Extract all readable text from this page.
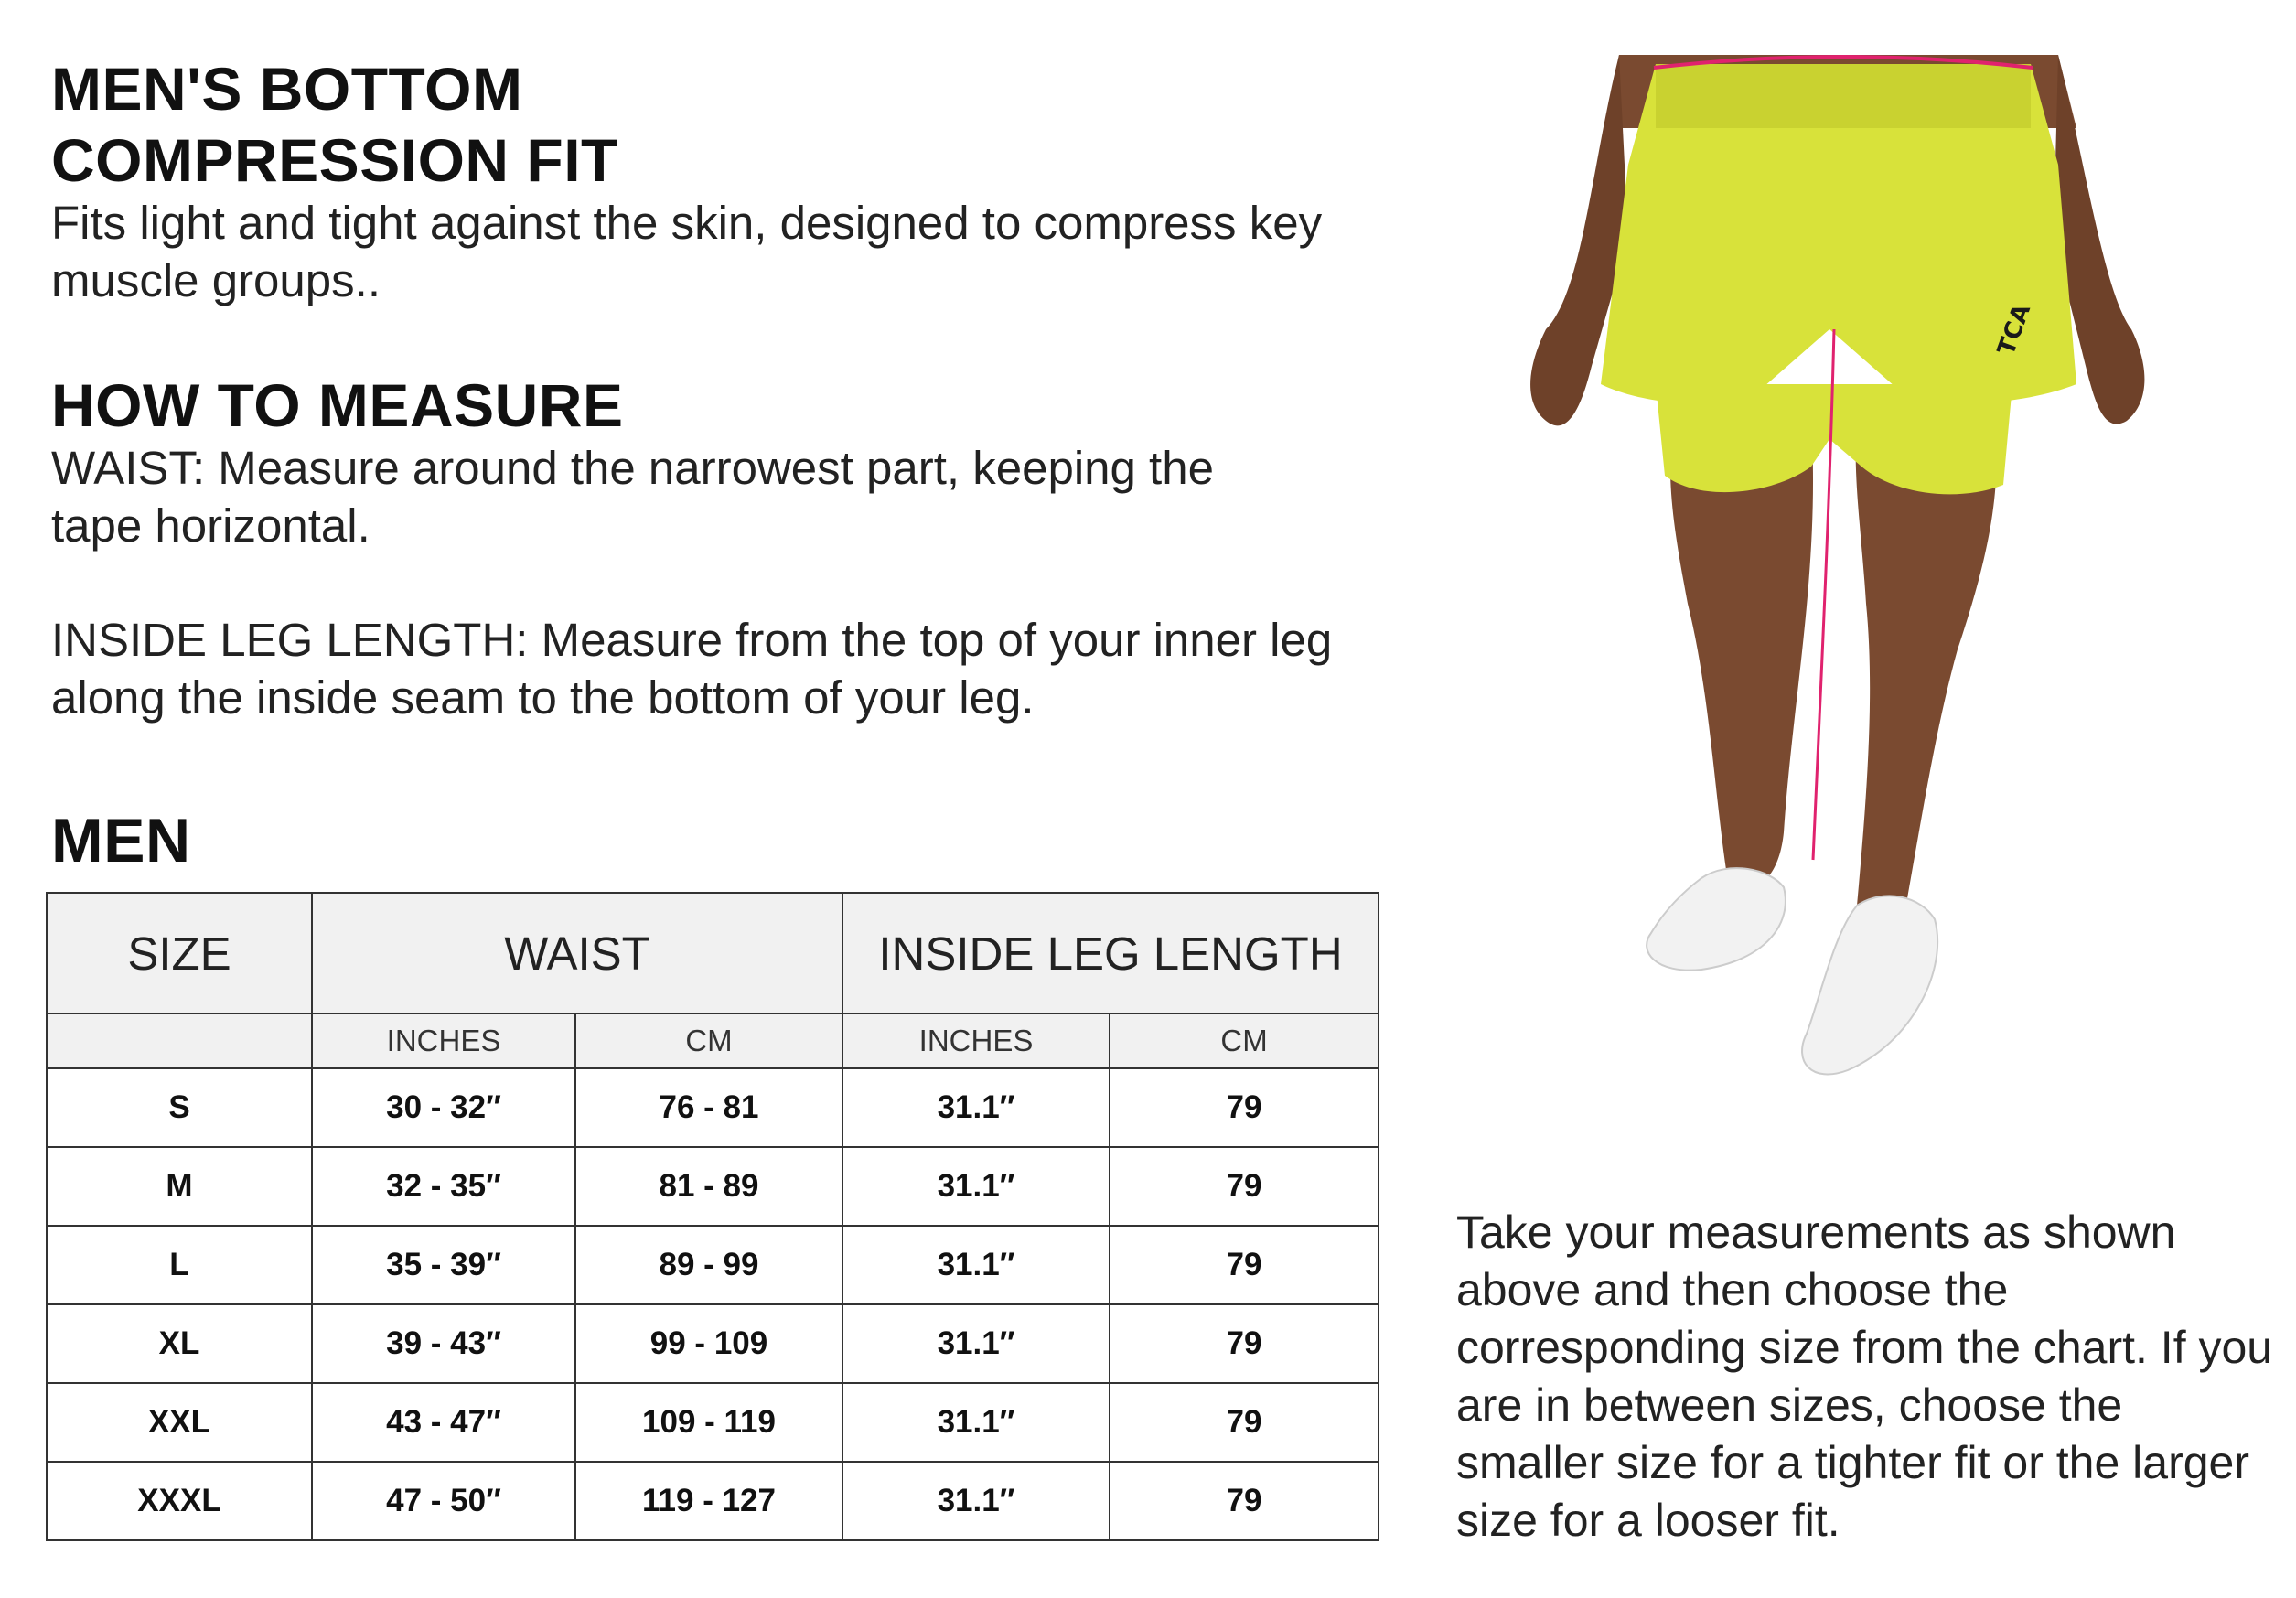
MEN'S BOTTOM
COMPRESSION FIT
Fits light and tight against the skin, designed to compress key muscle groups..
HOW TO MEASURE
WAIST: Measure around the narrowest part, keeping the tape horizontal.
INSIDE LEG LENGTH: Measure from the top of your inner leg along the inside seam to the bottom of your leg.
MEN
SIZE	WAIST		INSIDE LEG LENGTH	
	INCHES	CM	INCHES	CM
S	30 - 32″	76 - 81	31.1″	79
M	32 - 35″	81 - 89	31.1″	79
L	35 - 39″	89 - 99	31.1″	79
XL	39 - 43″	99 - 109	31.1″	79
XXL	43 - 47″	109 - 119	31.1″	79
XXXL	47 - 50″	119 - 127	31.1″	79
TCA
Take your measurements as shown above and then choose the corresponding size from the chart. If you are in between sizes, choose the smaller size for a tighter fit or the larger size for a looser fit.
